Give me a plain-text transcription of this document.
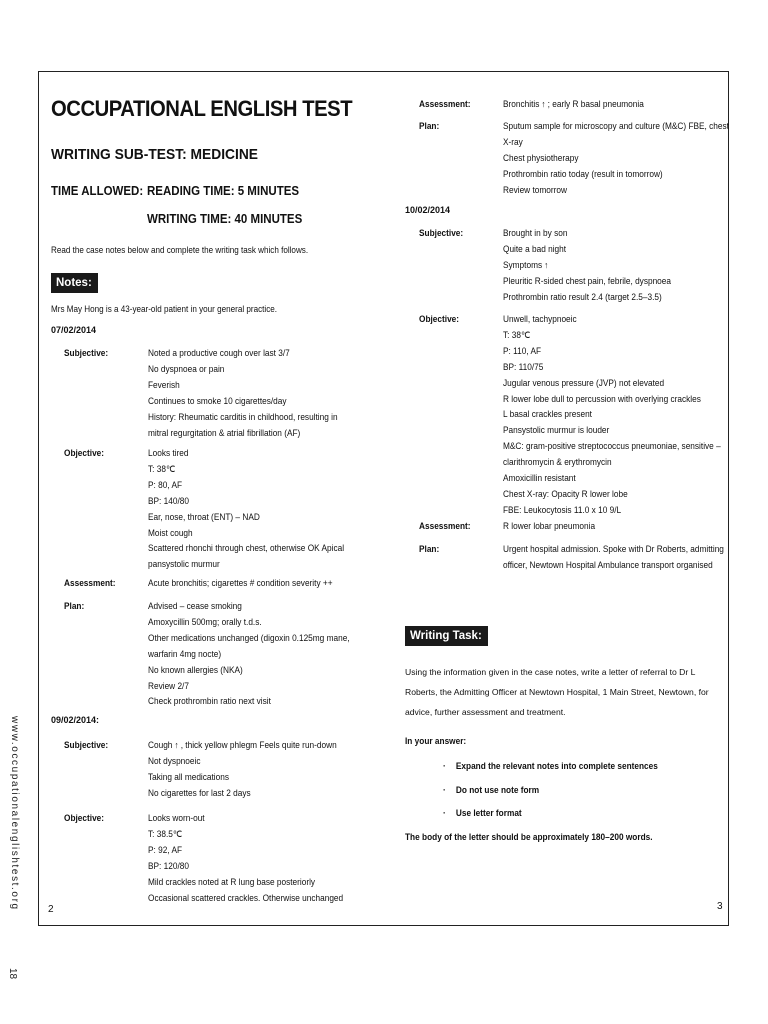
OCCUPATIONAL ENGLISH TEST
WRITING SUB-TEST: MEDICINE
TIME ALLOWED: READING TIME: 5 MINUTES
WRITING TIME: 40 MINUTES
Read the case notes below and complete the writing task which follows.
Notes:
Mrs May Hong is a 43-year-old patient in your general practice.
07/02/2014
Subjective:	Noted a productive cough over last 3/7
No dyspnoea or pain
Feverish
Continues to smoke 10 cigarettes/day
History: Rheumatic carditis in childhood, resulting in
mitral regurgitation & atrial fibrillation (AF)
Objective:	Looks tired
T: 38℃
P: 80, AF
BP: 140/80
Ear, nose, throat (ENT) – NAD
Moist cough
Scattered rhonchi through chest, otherwise OK Apical
pansystolic murmur
Assessment:	Acute bronchitis; cigarettes # condition severity ++
Plan:	Advised – cease smoking
Amoxycillin 500mg; orally t.d.s.
Other medications unchanged (digoxin 0.125mg mane,
warfarin 4mg nocte)
No known allergies (NKA)
Review 2/7
Check prothrombin ratio next visit
09/02/2014:
Subjective:	Cough ↑ , thick yellow phlegm Feels quite run-down
Not dyspnoeic
Taking all medications
No cigarettes for last 2 days
Objective:	Looks worn-out
T: 38.5℃
P: 92, AF
BP: 120/80
Mild crackles noted at R lung base posteriorly
Occasional scattered crackles. Otherwise unchanged
2
Assessment:	Bronchitis ↑ ; early R basal pneumonia
Plan:	Sputum sample for microscopy and culture (M&C) FBE, chest
X-ray
Chest physiotherapy
Prothrombin ratio today (result in tomorrow)
Review tomorrow
10/02/2014
Subjective:	Brought in by son
Quite a bad night
Symptoms ↑
Pleuritic R-sided chest pain, febrile, dyspnoea
Prothrombin ratio result 2.4 (target 2.5–3.5)
Objective:	Unwell, tachypnoeic
T: 38℃
P: 110, AF
BP: 110/75
Jugular venous pressure (JVP) not elevated
R lower lobe dull to percussion with overlying crackles
L basal crackles present
Pansystolic murmur is louder
M&C: gram-positive streptococcus pneumoniae, sensitive –
clarithromycin & erythromycin
Amoxicillin resistant
Chest X-ray: Opacity R lower lobe
FBE: Leukocytosis 11.0 x 10 9/L
Assessment:	R lower lobar pneumonia
Plan:	Urgent hospital admission. Spoke with Dr Roberts, admitting
officer, Newtown Hospital Ambulance transport organised
Writing Task:
Using the information given in the case notes, write a letter of referral to Dr L Roberts, the Admitting Officer at Newtown Hospital, 1 Main Street, Newtown, for advice, further assessment and treatment.
In your answer:
· Expand the relevant notes into complete sentences
· Do not use note form
· Use letter format
The body of the letter should be approximately 180–200 words.
3
www.occupationalenglishtest.org
18
